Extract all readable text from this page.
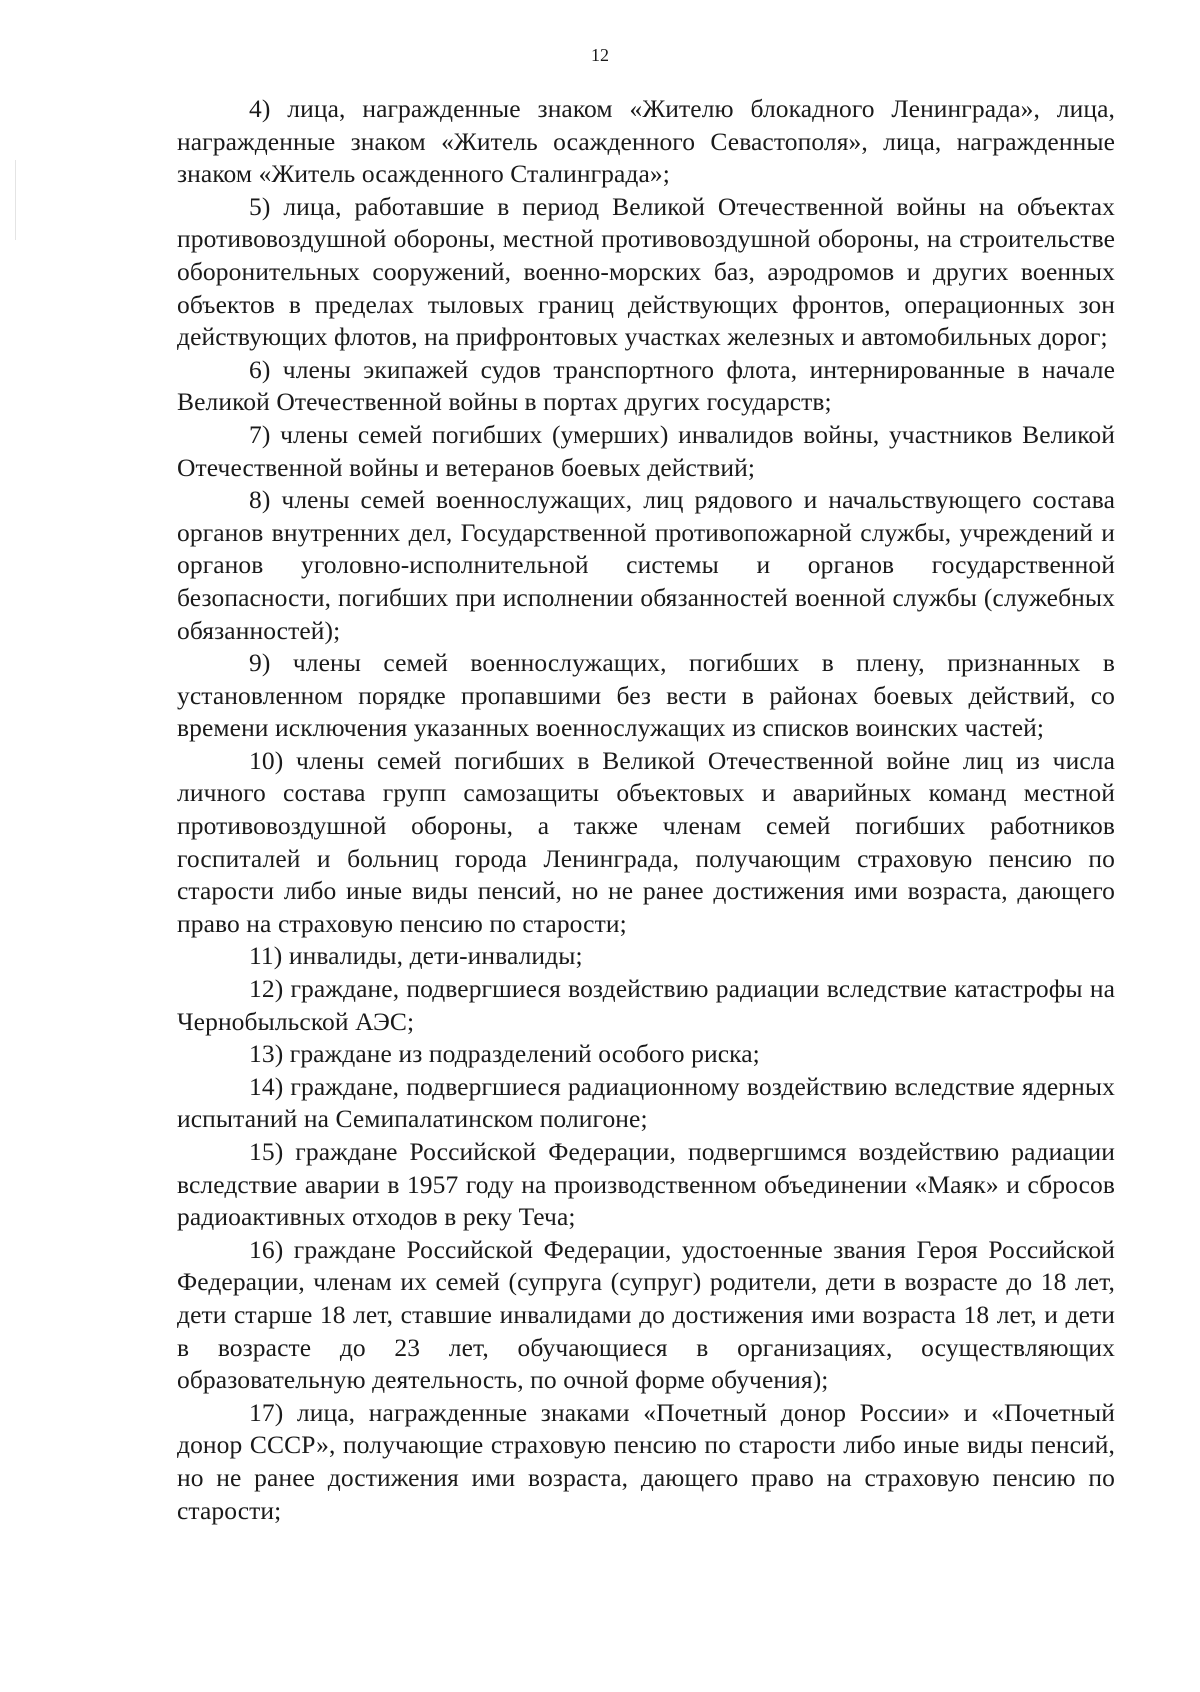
12

4) лица, награжденные знаком «Жителю блокадного Ленинграда», лица, награжденные знаком «Житель осажденного Севастополя», лица, награжденные знаком «Житель осажденного Сталинграда»;

5) лица, работавшие в период Великой Отечественной войны на объектах противовоздушной обороны, местной противовоздушной обороны, на строительстве оборонительных сооружений, военно-морских баз, аэродромов и других военных объектов в пределах тыловых границ действующих фронтов, операционных зон действующих флотов, на прифронтовых участках железных и автомобильных дорог;

6) члены экипажей судов транспортного флота, интернированные в начале Великой Отечественной войны в портах других государств;

7) члены семей погибших (умерших) инвалидов войны, участников Великой Отечественной войны и ветеранов боевых действий;

8) члены семей военнослужащих, лиц рядового и начальствующего состава органов внутренних дел, Государственной противопожарной службы, учреждений и органов уголовно-исполнительной системы и органов государственной безопасности, погибших при исполнении обязанностей военной службы (служебных обязанностей);

9) члены семей военнослужащих, погибших в плену, признанных в установленном порядке пропавшими без вести в районах боевых действий, со времени исключения указанных военнослужащих из списков воинских частей;

10) члены семей погибших в Великой Отечественной войне лиц из числа личного состава групп самозащиты объектовых и аварийных команд местной противовоздушной обороны, а также членам семей погибших работников госпиталей и больниц города Ленинграда, получающим страховую пенсию по старости либо иные виды пенсий, но не ранее достижения ими возраста, дающего право на страховую пенсию по старости;

11) инвалиды, дети-инвалиды;

12) граждане, подвергшиеся воздействию радиации вследствие катастрофы на Чернобыльской АЭС;

13) граждане из подразделений особого риска;

14) граждане, подвергшиеся радиационному воздействию вследствие ядерных испытаний на Семипалатинском полигоне;

15) граждане Российской Федерации, подвергшимся воздействию радиации вследствие аварии в 1957 году на производственном объединении «Маяк» и сбросов радиоактивных отходов в реку Теча;

16) граждане Российской Федерации, удостоенные звания Героя Российской Федерации, членам их семей (супруга (супруг) родители, дети в возрасте до 18 лет, дети старше 18 лет, ставшие инвалидами до достижения ими возраста 18 лет, и дети в возрасте до 23 лет, обучающиеся в организациях, осуществляющих образовательную деятельность, по очной форме обучения);

17) лица, награжденные знаками «Почетный донор России» и «Почетный донор СССР», получающие страховую пенсию по старости либо иные виды пенсий, но не ранее достижения ими возраста, дающего право на страховую пенсию по старости;
